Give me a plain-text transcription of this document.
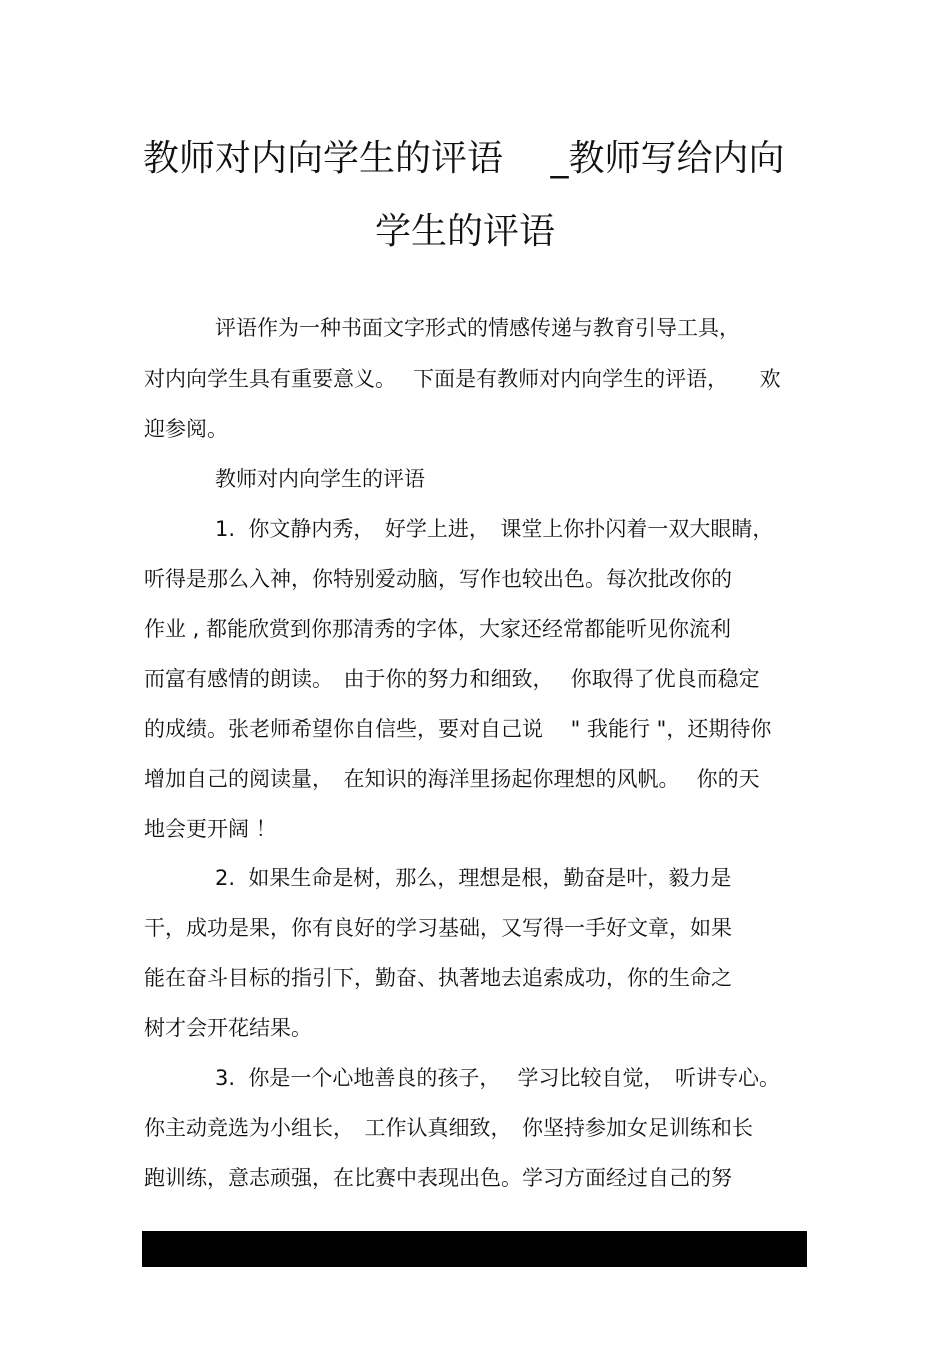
教师对内向学生的评语　 _教师写给内向
学生的评语
评语作为一种书面文字形式的情感传递与教育引导工具，
对内向学生具有重要意义。　 下面是有教师对内向学生的评语，　　欢
迎参阅。
教师对内向学生的评语
1.  你文静内秀，　好学上进，　课堂上你扑闪着一双大眼睛，
听得是那么入神，你特别爱动脑，写作也较出色。每次批改你的
作业 , 都能欣赏到你那清秀的字体，大家还经常都能听见你流利
而富有感情的朗读。　由于你的努力和细致，　 你取得了优良而稳定
的成绩。张老师希望你自信些，要对自己说　 " 我能行 "，还期待你
增加自己的阅读量，　在知识的海洋里扬起你理想的风帆。　 你的天
地会更开阔 ！
2.  如果生命是树，那么，理想是根，勤奋是叶，毅力是
干，成功是果，你有良好的学习基础，又写得一手好文章，如果
能在奋斗目标的指引下，勤奋、执著地去追索成功，你的生命之
树才会开花结果。
3.  你是一个心地善良的孩子，　 学习比较自觉，　听讲专心。
你主动竞选为小组长，　工作认真细致，　你坚持参加女足训练和长
跑训练，意志顽强，在比赛中表现出色。学习方面经过自己的努
